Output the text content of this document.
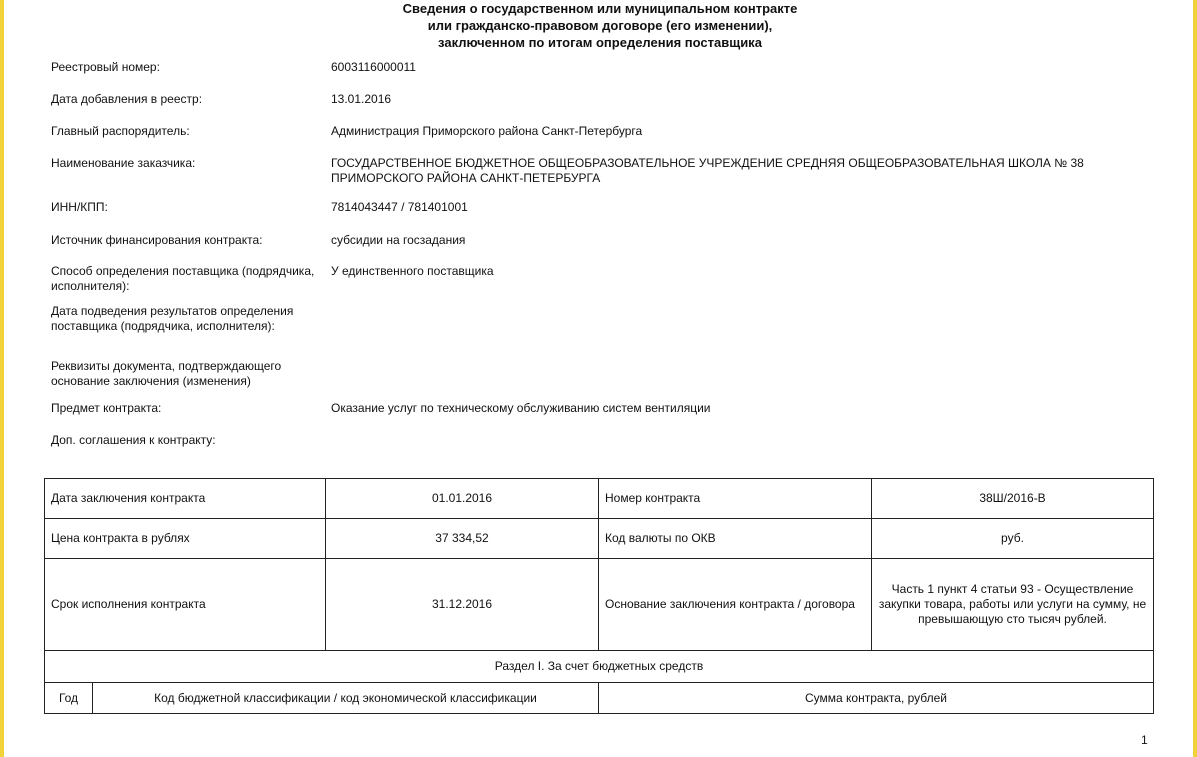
Сведения о государственном или муниципальном контракте
или гражданско-правовом договоре (его изменении),
заключенном по итогам определения поставщика
Реестровый номер:	6003116000011
Дата добавления в реестр:	13.01.2016
Главный распорядитель:	Администрация Приморского района Санкт-Петербурга
Наименование заказчика:	ГОСУДАРСТВЕННОЕ БЮДЖЕТНОЕ ОБЩЕОБРАЗОВАТЕЛЬНОЕ УЧРЕЖДЕНИЕ СРЕДНЯЯ ОБЩЕОБРАЗОВАТЕЛЬНАЯ ШКОЛА № 38 ПРИМОРСКОГО РАЙОНА САНКТ-ПЕТЕРБУРГА
ИНН/КПП:	7814043447 / 781401001
Источник финансирования контракта:	субсидии на госзадания
Способ определения поставщика (подрядчика, исполнителя):
У единственного поставщика
Дата подведения результатов определения поставщика (подрядчика, исполнителя):
Реквизиты документа, подтверждающего основание заключения (изменения)
Предмет контракта:	Оказание услуг по техническому обслуживанию систем вентиляции
Доп. соглашения к контракту:
Дата заключения контракта		01.01.2016	Номер контракта	38Ш/2016-В
Цена контракта в рублях		37 334,52	Код валюты по ОКВ	руб.
Срок исполнения контракта		31.12.2016	Основание заключения контракта / договора	Часть 1 пункт 4 статьи 93 - Осуществление закупки товара, работы или услуги на сумму, не превышающую сто тысяч рублей.
Раздел I. За счет бюджетных средств				
Год	Код бюджетной классификации / код экономической классификации		Сумма контракта, рублей	
1
